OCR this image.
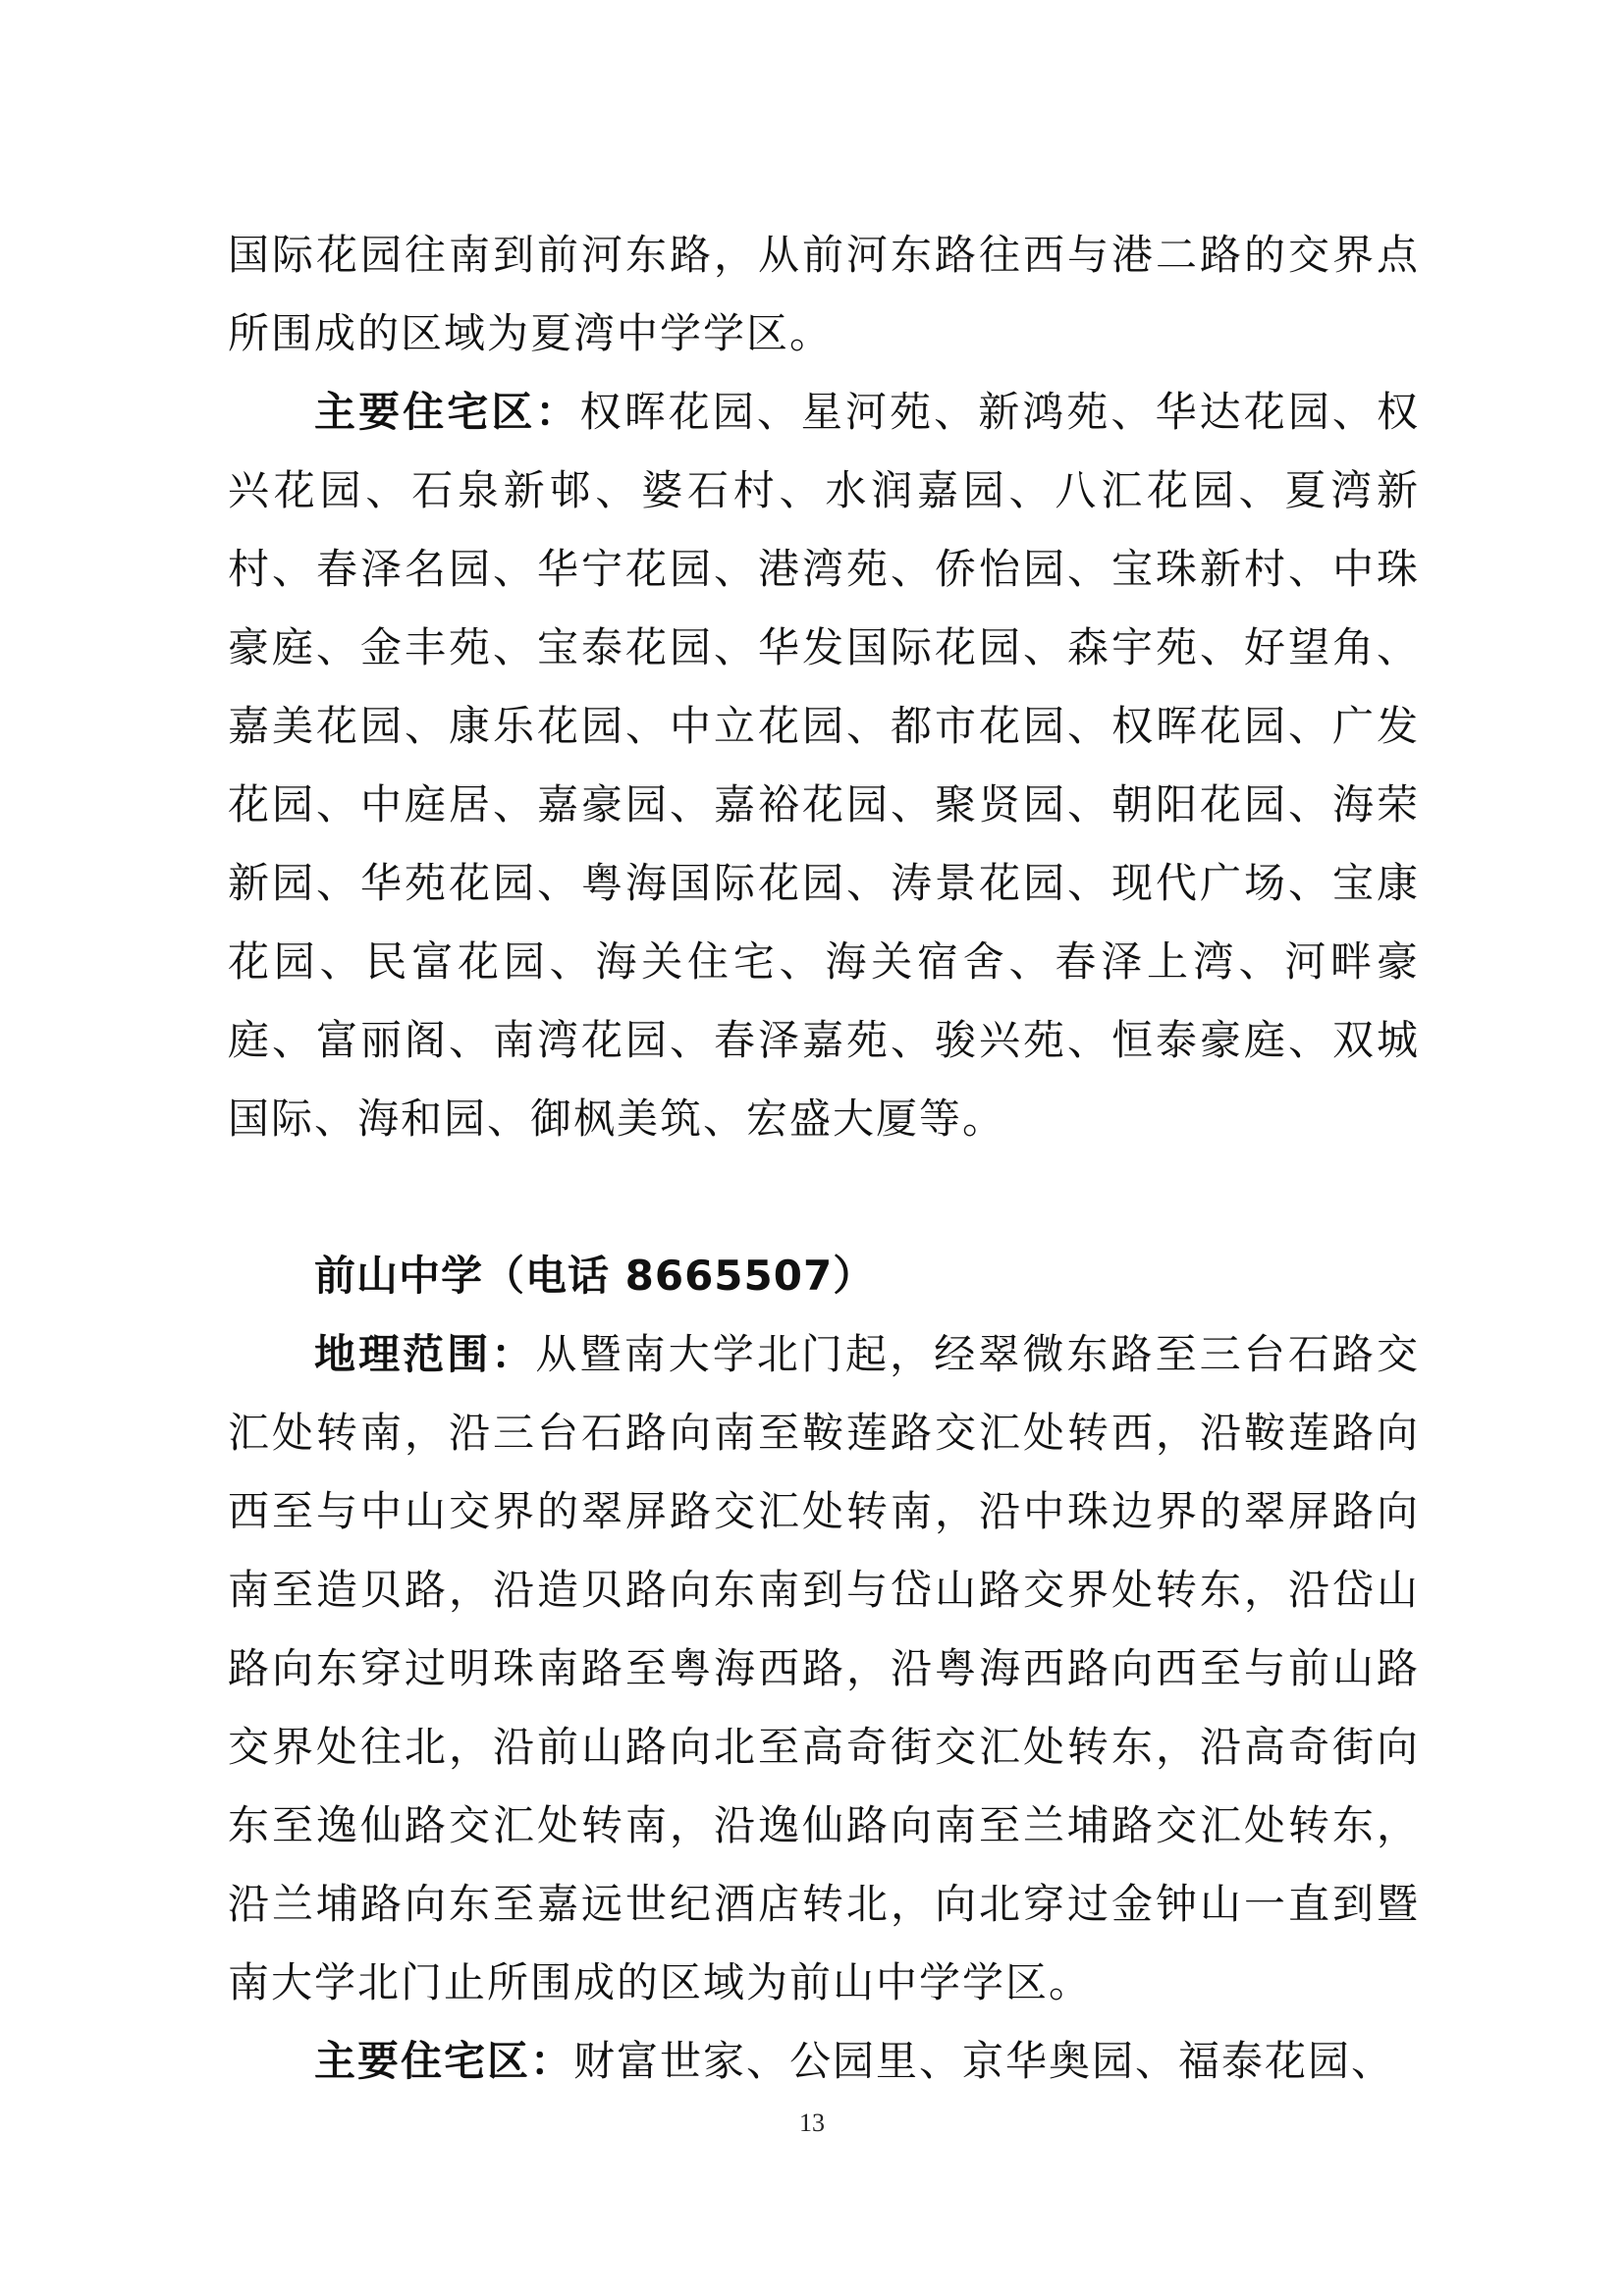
国际花园往南到前河东路，从前河东路往西与港二路的交界点所围成的区域为夏湾中学学区。

主要住宅区：权晖花园、星河苑、新鸿苑、华达花园、权兴花园、石泉新邨、婆石村、水润嘉园、八汇花园、夏湾新村、春泽名园、华宁花园、港湾苑、侨怡园、宝珠新村、中珠豪庭、金丰苑、宝泰花园、华发国际花园、森宇苑、好望角、嘉美花园、康乐花园、中立花园、都市花园、权晖花园、广发花园、中庭居、嘉豪园、嘉裕花园、聚贤园、朝阳花园、海荣新园、华苑花园、粤海国际花园、涛景花园、现代广场、宝康花园、民富花园、海关住宅、海关宿舍、春泽上湾、河畔豪庭、富丽阁、南湾花园、春泽嘉苑、骏兴苑、恒泰豪庭、双城国际、海和园、御枫美筑、宏盛大厦等。

前山中学（电话 8665507）

地理范围：从暨南大学北门起，经翠微东路至三台石路交汇处转南，沿三台石路向南至鞍莲路交汇处转西，沿鞍莲路向西至与中山交界的翠屏路交汇处转南，沿中珠边界的翠屏路向南至造贝路，沿造贝路向东南到与岱山路交界处转东，沿岱山路向东穿过明珠南路至粤海西路，沿粤海西路向西至与前山路交界处往北，沿前山路向北至高奇街交汇处转东，沿高奇街向东至逸仙路交汇处转南，沿逸仙路向南至兰埔路交汇处转东，沿兰埔路向东至嘉远世纪酒店转北，向北穿过金钟山一直到暨南大学北门止所围成的区域为前山中学学区。

主要住宅区：财富世家、公园里、京华奥园、福泰花园、

13
